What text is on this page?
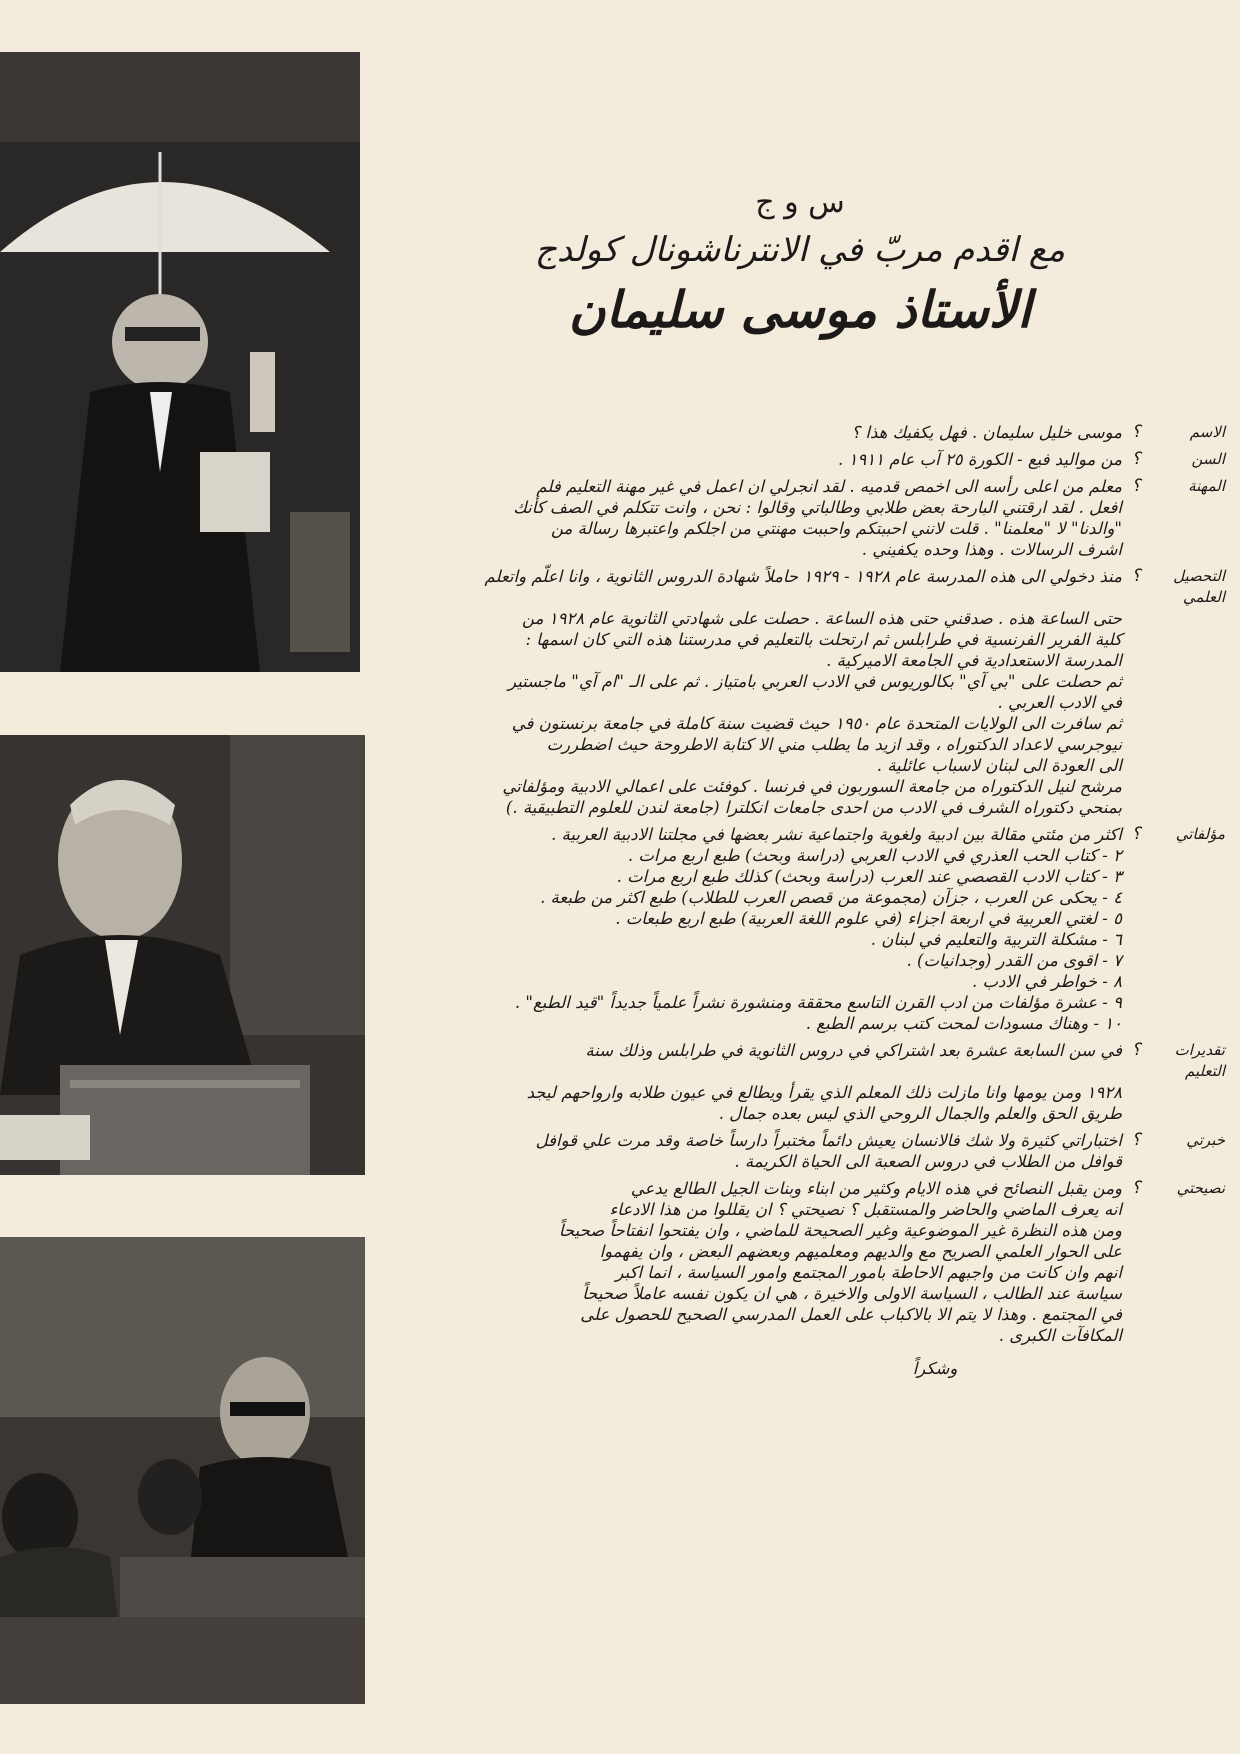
س و ج
مع اقدم مربّ في الانترناشونال كولدج
الأستاذ موسى سليمان
الاسم
؟
موسى خليل سليمان . فهل يكفيك هذا ؟
السن
؟
من مواليد فيع - الكورة ٢٥ آب عام ١٩١١ .
المهنة
؟
معلم من اعلى رأسه الى اخمص قدميه . لقد انجرلي ان اعمل في غير مهنة التعليم فلم
افعل . لقد ارقتني البارحة بعض طلابي وطالباتي وقالوا : نحن ، وانت تتكلم في الصف كأنك
"والدنا" لا "معلمنا" . قلت لانني احببتكم واحببت مهنتي من اجلكم واعتبرها رسالة من
اشرف الرسالات . وهذا وحده يكفيني .
التحصيل العلمي
؟
منذ دخولي الى هذه المدرسة عام ١٩٢٨ - ١٩٢٩ حاملاً شهادة الدروس الثانوية ، وانا اعلّم واتعلم
حتى الساعة هذه . صدقني حتى هذه الساعة . حصلت على شهادتي الثانوية عام ١٩٢٨ من
كلية الفرير الفرنسية في طرابلس ثم ارتحلت بالتعليم في مدرستنا هذه التي كان اسمها :
المدرسة الاستعدادية في الجامعة الاميركية .
ثم حصلت على "بي آي" بكالوريوس في الادب العربي بامتياز . ثم على الـ "ام آي" ماجستير
في الادب العربي .
ثم سافرت الى الولايات المتحدة عام ١٩٥٠ حيث قضيت سنة كاملة في جامعة برنستون في
نيوجرسي لاعداد الدكتوراه ، وقد ازيد ما يطلب مني الا كتابة الاطروحة حيث اضطررت
الى العودة الى لبنان لاسباب عائلية .
مرشح لنيل الدكتوراه من جامعة السوربون في فرنسا . كوفئت على اعمالي الادبية ومؤلفاتي
بمنحي دكتوراه الشرف في الادب من احدى جامعات انكلترا (جامعة لندن للعلوم التطبيقية .)
مؤلفاتي
؟
اكثر من مئتي مقالة بين ادبية ولغوية واجتماعية نشر بعضها في مجلتنا الادبية العربية .
٢ - كتاب الحب العذري في الادب العربي (دراسة وبحث) طبع اربع مرات .
٣ - كتاب الادب القصصي عند العرب (دراسة وبحث) كذلك طبع اربع مرات .
٤ - يحكى عن العرب ، جزآن (مجموعة من قصص العرب للطلاب) طبع اكثر من طبعة .
٥ - لغتي العربية في اربعة اجزاء (في علوم اللغة العربية) طبع اربع طبعات .
٦ - مشكلة التربية والتعليم في لبنان .
٧ - اقوى من القدر (وجدانيات) .
٨ - خواطر في الادب .
٩ - عشرة مؤلفات من ادب القرن التاسع محققة ومنشورة نشراً علمياً جديداً "قيد الطبع" .
١٠ - وهناك مسودات لمحت كتب برسم الطبع .
تقديرات التعليم
؟
في سن السابعة عشرة بعد اشتراكي في دروس الثانوية في طرابلس وذلك سنة
١٩٢٨ ومن يومها وانا مازلت ذلك المعلم الذي يقرأ ويطالع في عيون طلابه وارواحهم ليجد
طريق الحق والعلم والجمال الروحي الذي ليس بعده جمال .
خبرتي
؟
اختباراتي كثيرة ولا شك فالانسان يعيش دائماً مختبراً دارساً خاصة وقد مرت علي قوافل
قوافل من الطلاب في دروس الصعبة الى الحياة الكريمة .
نصيحتي
؟
ومن يقبل النصائح في هذه الايام وكثير من ابناء وبنات الجيل الطالع يدعي
انه يعرف الماضي والحاضر والمستقبل ؟ نصيحتي ؟ ان يقللوا من هذا الادعاء
ومن هذه النظرة غير الموضوعية وغير الصحيحة للماضي ، وان يفتحوا انفتاحاً صحيحاً
على الحوار العلمي الصريح مع والديهم ومعلميهم وبعضهم البعض ، وان يفهموا
انهم وان كانت من واجبهم الاحاطة بامور المجتمع وامور السياسة ، انما اكبر
سياسة عند الطالب ، السياسة الاولى والاخيرة ، هي ان يكون نفسه عاملاً صحيحاً
في المجتمع . وهذا لا يتم الا بالاكباب على العمل المدرسي الصحيح للحصول على
المكافآت الكبرى .
وشكراً
